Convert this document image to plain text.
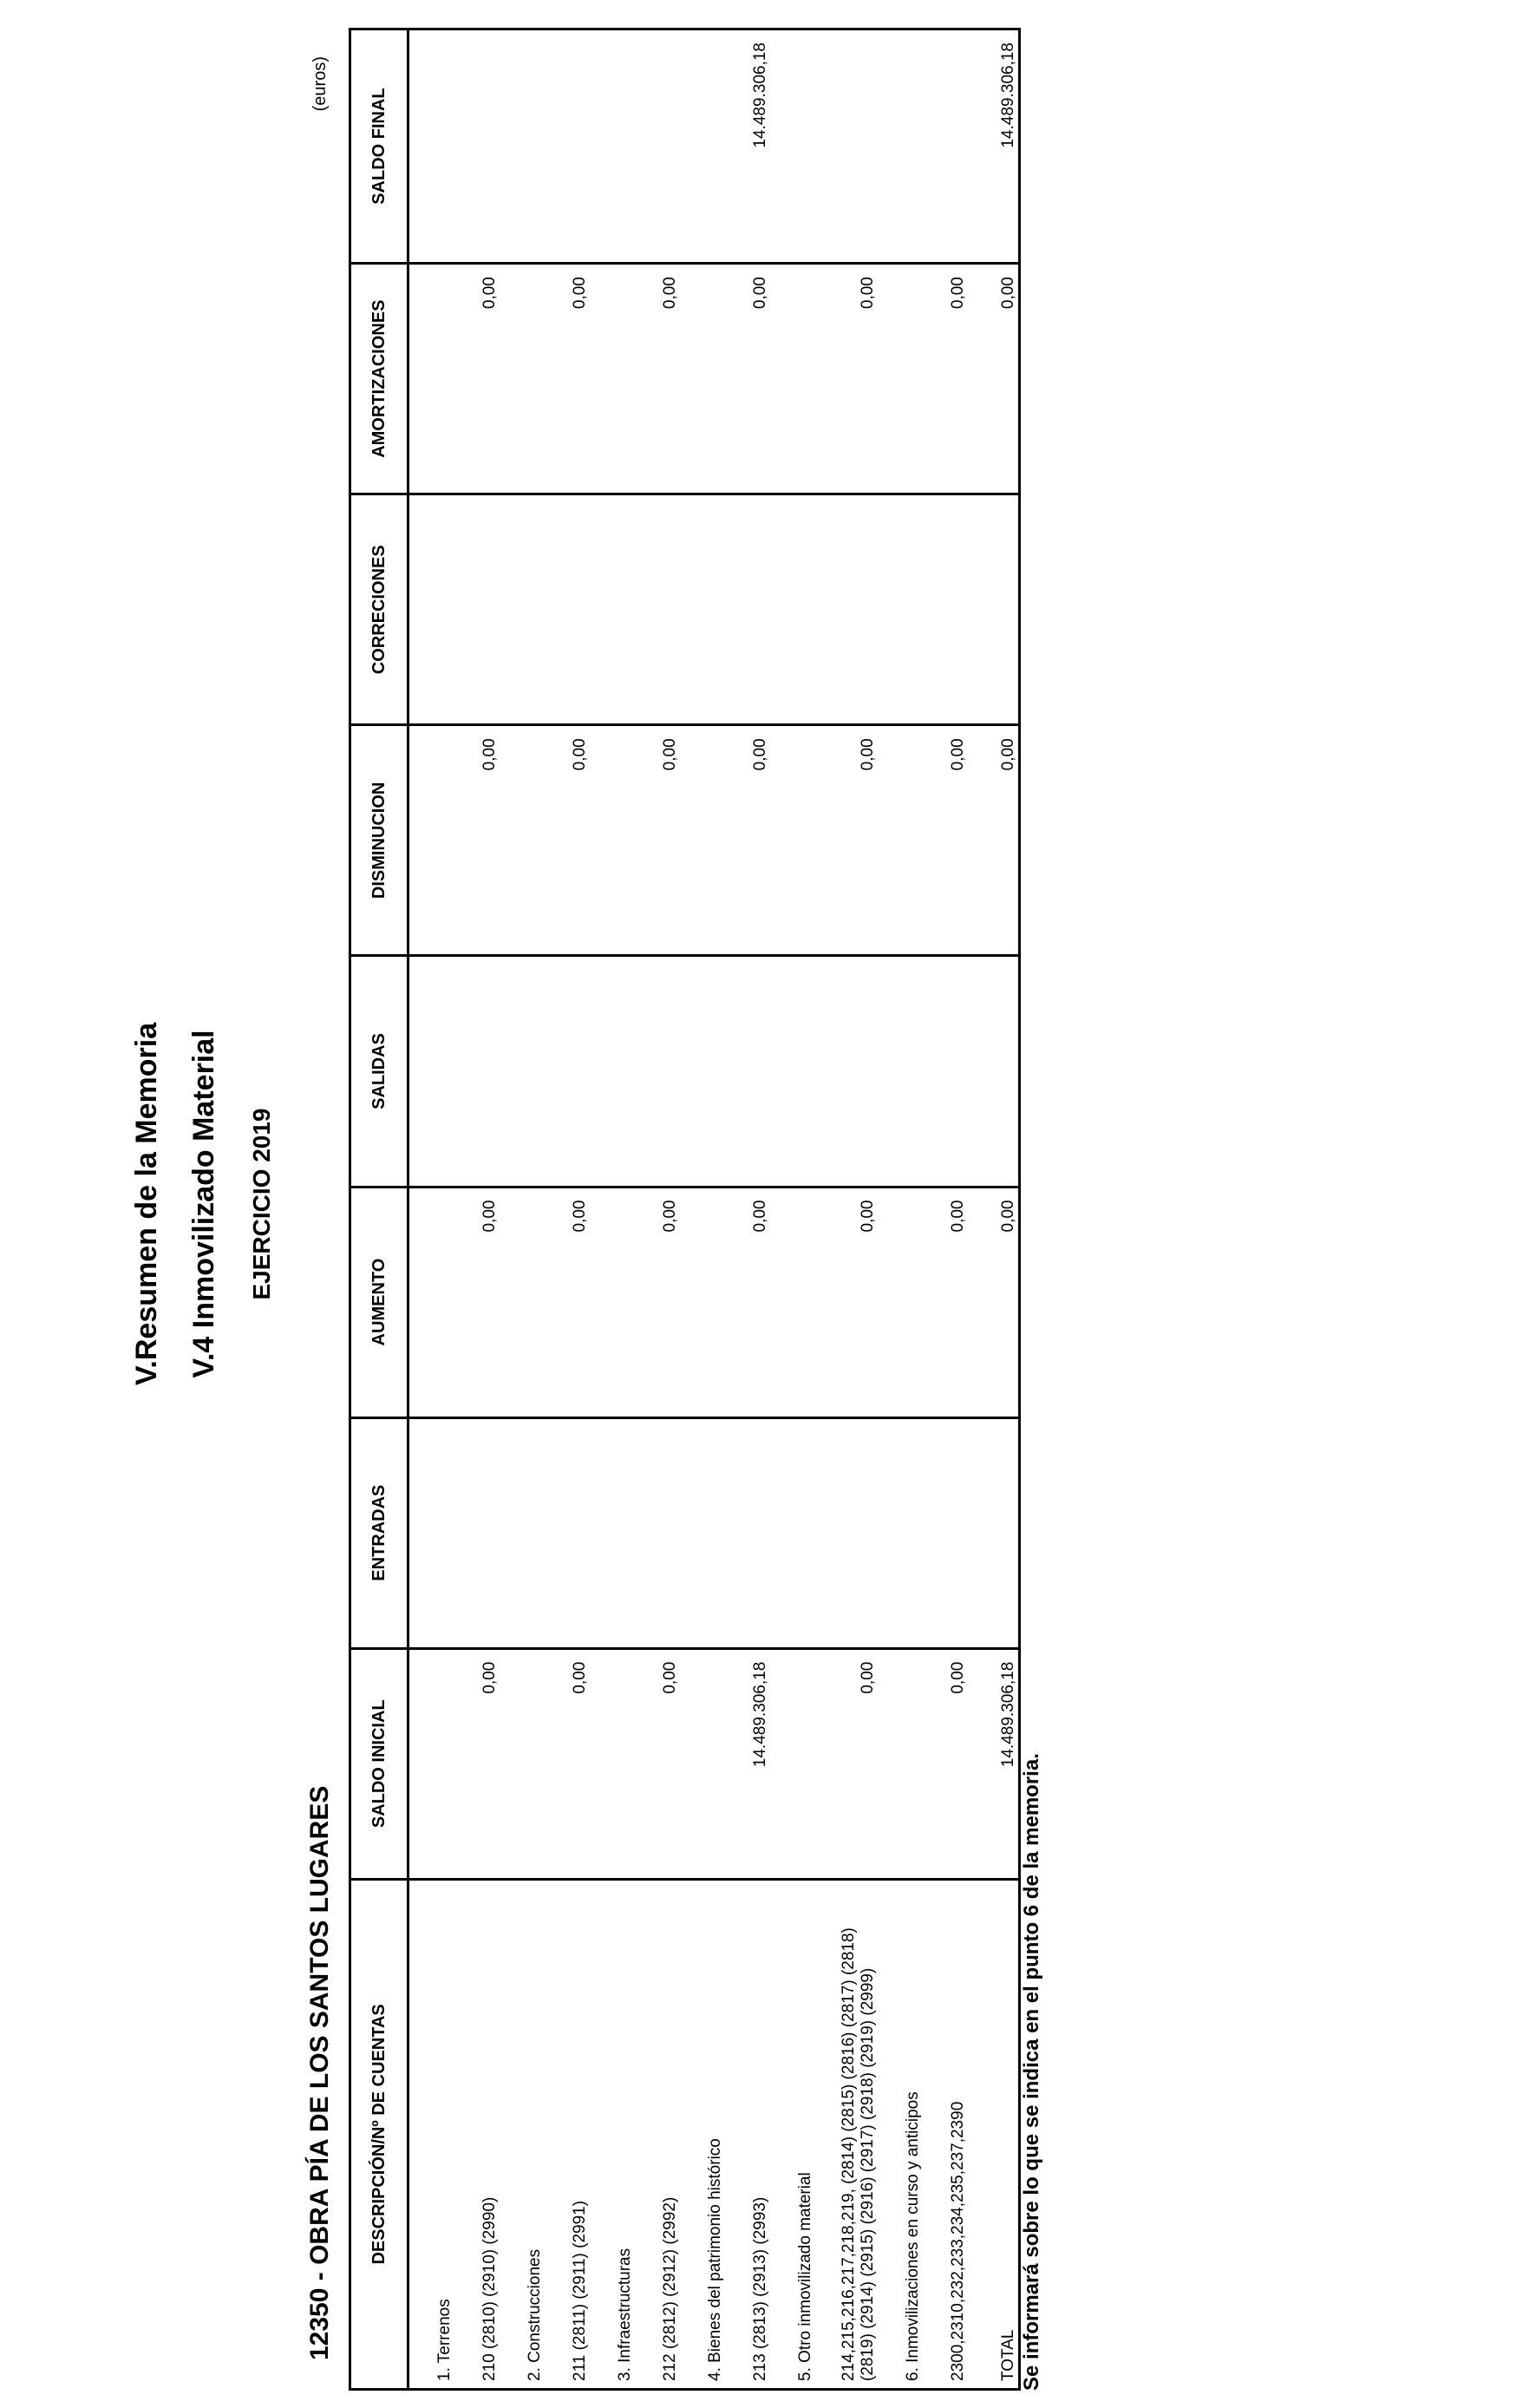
V.Resumen de la Memoria V.4 Inmovilizado Material EJERCICIO 2019
12350 - OBRA PÍA DE LOS SANTOS LUGARES
(euros)
DESCRIPCIÓN/Nº DE CUENTAS	SALDO INICIAL	ENTRADAS	AUMENTO	SALIDAS	DISMINUCION	CORRECIONES	AMORTIZACIONES	SALDO FINAL

1. Terrenos								

210 (2810) (2910) (2990)	0,00		0,00		0,00		0,00	

2. Construcciones								

211 (2811) (2911) (2991)	0,00		0,00		0,00		0,00	

3. Infraestructuras								

212 (2812) (2912) (2992)	0,00		0,00		0,00		0,00	

4. Bienes del patrimonio histórico								

213 (2813) (2913) (2993)	14.489.306,18		0,00		0,00		0,00	14.489.306,18

5. Otro inmovilizado material								

214,215,216,217,218,219, (2814) (2815) (2816) (2817) (2818) (2819) (2914) (2915) (2916) (2917) (2918) (2919) (2999)	0,00		0,00		0,00		0,00	

6. Inmovilizaciones en curso y anticipos								

2300,2310,232,233,234,235,237,2390	0,00		0,00		0,00		0,00	

TOTAL	14.489.306,18		0,00		0,00		0,00	14.489.306,18
Se informará sobre lo que se indica en el punto 6 de la memoria.
